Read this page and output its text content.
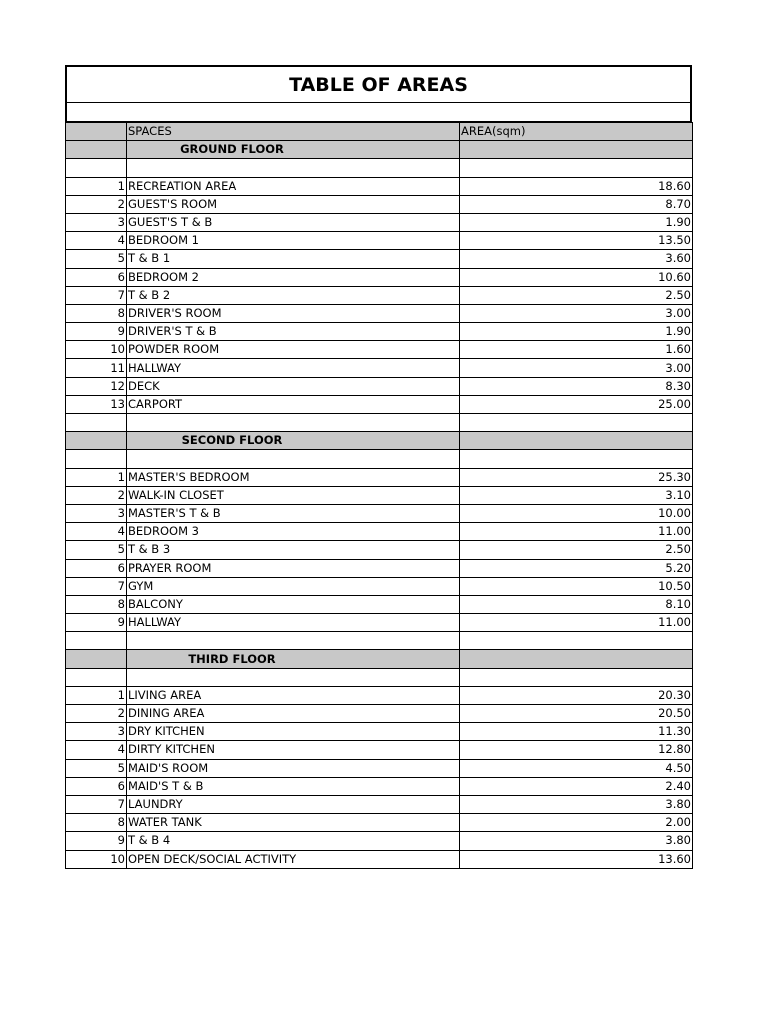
TABLE OF AREAS
	SPACES	AREA(sqm)

	GROUND FLOOR	

1	RECREATION AREA	18.60
2	GUEST'S ROOM	8.70
3	GUEST'S T & B	1.90
4	BEDROOM 1	13.50
5	T & B 1	3.60
6	BEDROOM 2	10.60
7	T & B 2	2.50
8	DRIVER'S ROOM	3.00
9	DRIVER'S T & B	1.90
10	POWDER ROOM	1.60
11	HALLWAY	3.00
12	DECK	8.30
13	CARPORT	25.00

	SECOND FLOOR	

1	MASTER'S BEDROOM	25.30
2	WALK-IN CLOSET	3.10
3	MASTER'S T & B	10.00
4	BEDROOM 3	11.00
5	T & B 3	2.50
6	PRAYER ROOM	5.20
7	GYM	10.50
8	BALCONY	8.10
9	HALLWAY	11.00

	THIRD FLOOR	

1	LIVING AREA	20.30
2	DINING AREA	20.50
3	DRY KITCHEN	11.30
4	DIRTY KITCHEN	12.80
5	MAID'S ROOM	4.50
6	MAID'S T & B	2.40
7	LAUNDRY	3.80
8	WATER TANK	2.00
9	T & B 4	3.80
10	OPEN DECK/SOCIAL ACTIVITY	13.60
